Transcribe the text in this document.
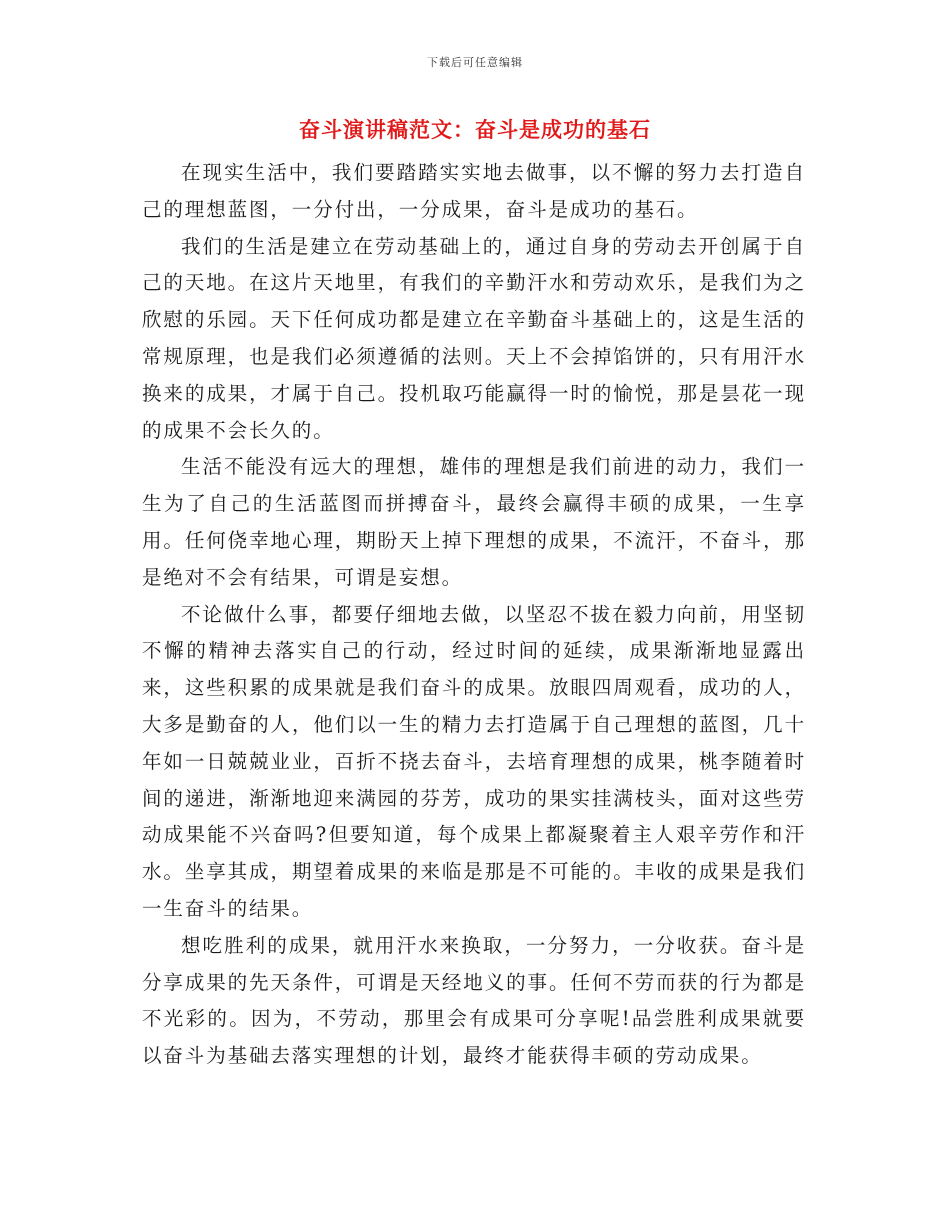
下载后可任意编辑
奋斗演讲稿范文：奋斗是成功的基石

在现实生活中，我们要踏踏实实地去做事，以不懈的努力去打造自己的理想蓝图，一分付出，一分成果，奋斗是成功的基石。

我们的生活是建立在劳动基础上的，通过自身的劳动去开创属于自己的天地。在这片天地里，有我们的辛勤汗水和劳动欢乐，是我们为之欣慰的乐园。天下任何成功都是建立在辛勤奋斗基础上的，这是生活的常规原理，也是我们必须遵循的法则。天上不会掉馅饼的，只有用汗水换来的成果，才属于自己。投机取巧能赢得一时的愉悦，那是昙花一现的成果不会长久的。

生活不能没有远大的理想，雄伟的理想是我们前进的动力，我们一生为了自己的生活蓝图而拼搏奋斗，最终会赢得丰硕的成果，一生享用。任何侥幸地心理，期盼天上掉下理想的成果，不流汗，不奋斗，那是绝对不会有结果，可谓是妄想。

不论做什么事，都要仔细地去做，以坚忍不拔在毅力向前，用坚韧不懈的精神去落实自己的行动，经过时间的延续，成果渐渐地显露出来，这些积累的成果就是我们奋斗的成果。放眼四周观看，成功的人，大多是勤奋的人，他们以一生的精力去打造属于自己理想的蓝图，几十年如一日兢兢业业，百折不挠去奋斗，去培育理想的成果，桃李随着时间的递进，渐渐地迎来满园的芬芳，成功的果实挂满枝头，面对这些劳动成果能不兴奋吗?但要知道，每个成果上都凝聚着主人艰辛劳作和汗水。坐享其成，期望着成果的来临是那是不可能的。丰收的成果是我们一生奋斗的结果。

想吃胜利的成果，就用汗水来换取，一分努力，一分收获。奋斗是分享成果的先天条件，可谓是天经地义的事。任何不劳而获的行为都是不光彩的。因为，不劳动，那里会有成果可分享呢!品尝胜利成果就要以奋斗为基础去落实理想的计划，最终才能获得丰硕的劳动成果。
